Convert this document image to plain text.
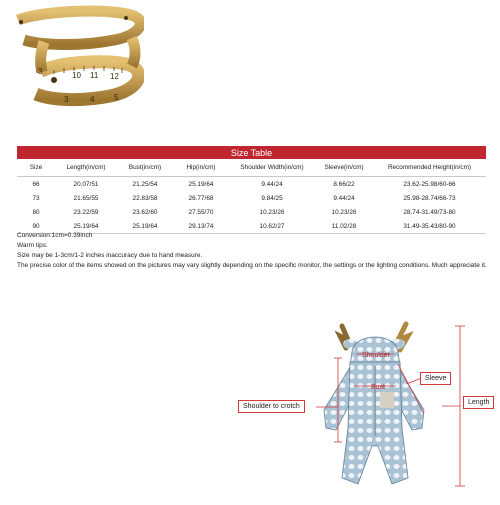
3	10 11 12
3	4 5
Size Table						
Size	Length(in/cm)	Bust(in/cm)	Hip(in/cm)	Shoulder Width(in/cm)	Sleeve(in/cm)	Recommended Height(in/cm)
66	20.07/51	21.25/54	25.19/64	9.44/24	8.66/22	23.62-25.98/60-66
73	21.65/55	22.83/58	26.77/68	9.84/25	9.44/24	25.98-28.74/66-73
80	23.22/59	23.62/60	27.55/70	10.23/26	10.23/26	28.74-31.49/73-80
90	25.19/64	25.19/64	29.13/74	10.62/27	11.02/28	31.49-35.43/80-90
Conversion:1cm=0.39inch
Warm tips:
Size may be 1-3cm/1-2 inches inaccuracy due to hand measure.
The precise color of the items showed on the pictures may vary slightly depending on the specific monitor, the settings or the lighting conditions. Much appreciate it.
Shoulder
Bust
Sleeve
Shoulder to crotch
Length
